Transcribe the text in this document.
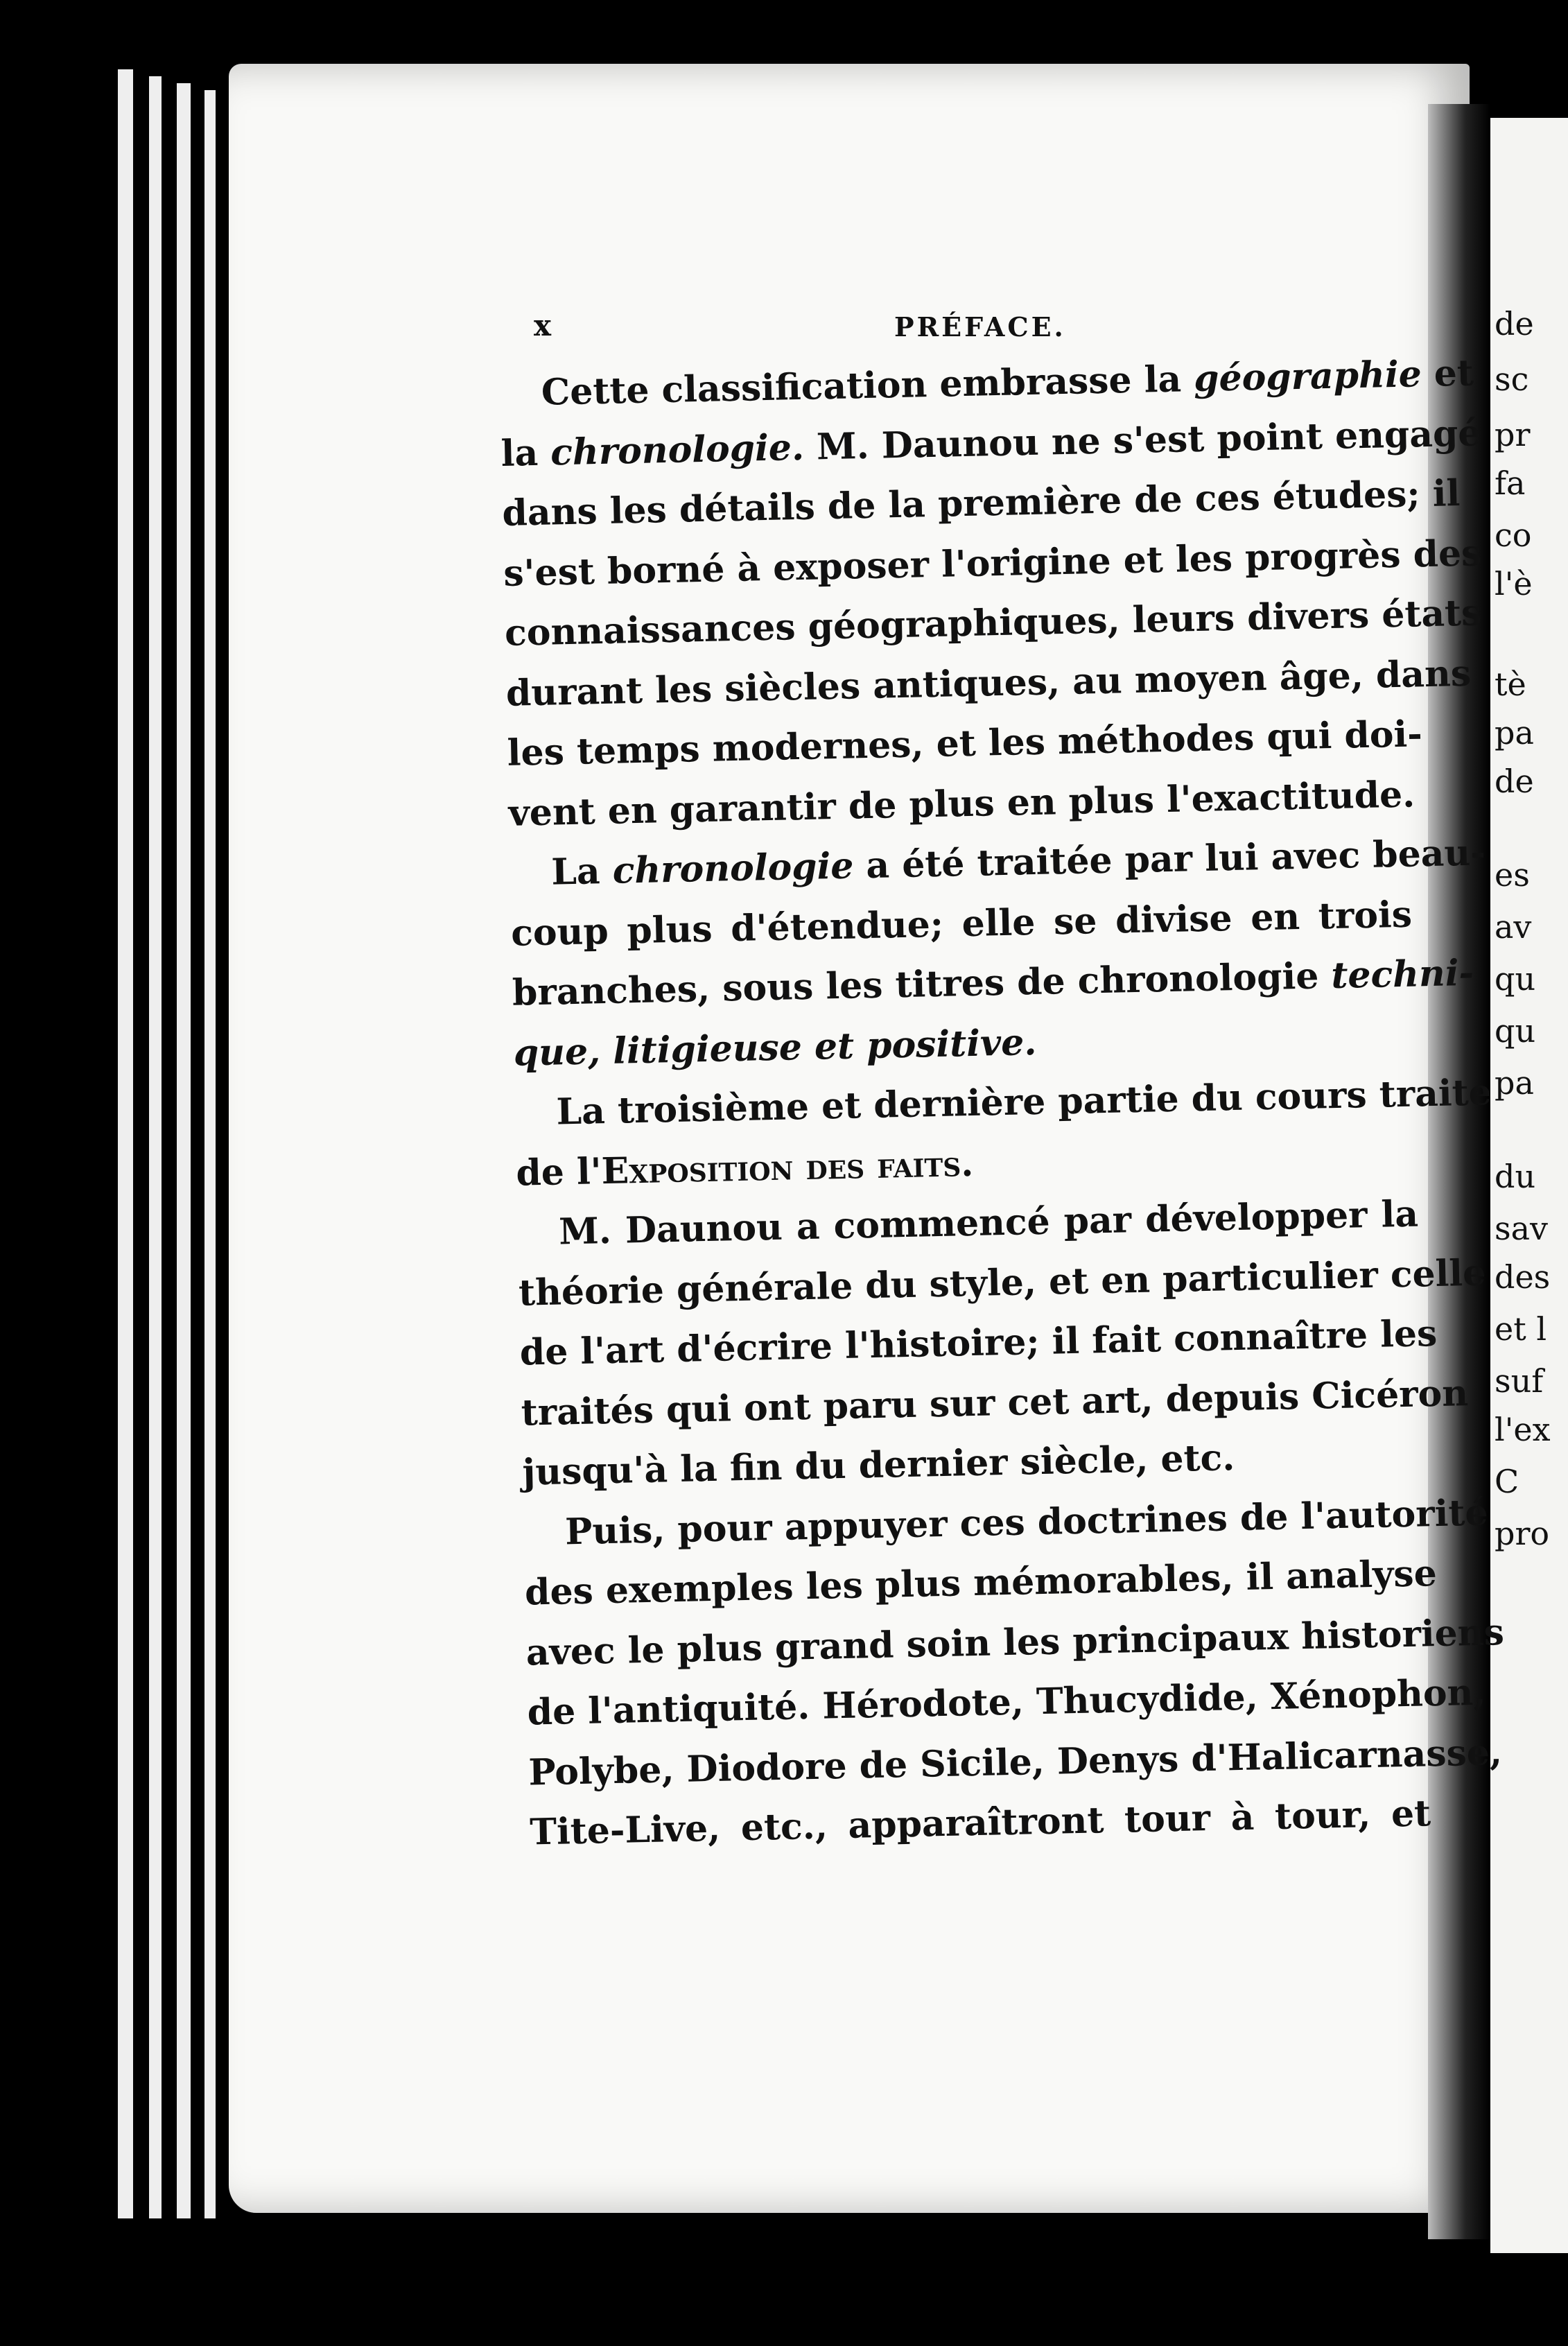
de
sc
pr
fa
co
l'è
tè
pa
de
es
av
qu
qu
pa
du
sav
des
et l
suf
l'ex
C
pro
x	PRÉFACE.
Cette classification embrasse la géographie et
la chronologie. M. Daunou ne s'est point engagé
dans les détails de la première de ces études; il
s'est borné à exposer l'origine et les progrès des
connaissances géographiques, leurs divers états
durant les siècles antiques, au moyen âge, dans
les temps modernes, et les méthodes qui doi-
vent en garantir de plus en plus l'exactitude.
La chronologie a été traitée par lui avec beau-
coup plus d'étendue; elle se divise en trois
branches, sous les titres de chronologie techni-
que, litigieuse et positive.
La troisième et dernière partie du cours traite
de l'Exposition des faits.
M. Daunou a commencé par développer la
théorie générale du style, et en particulier celle
de l'art d'écrire l'histoire; il fait connaître les
traités qui ont paru sur cet art, depuis Cicéron
jusqu'à la fin du dernier siècle, etc.
Puis, pour appuyer ces doctrines de l'autorité
des exemples les plus mémorables, il analyse
avec le plus grand soin les principaux historiens
de l'antiquité. Hérodote, Thucydide, Xénophon,
Polybe, Diodore de Sicile, Denys d'Halicarnasse,
Tite-Live, etc., apparaîtront tour à tour, et
